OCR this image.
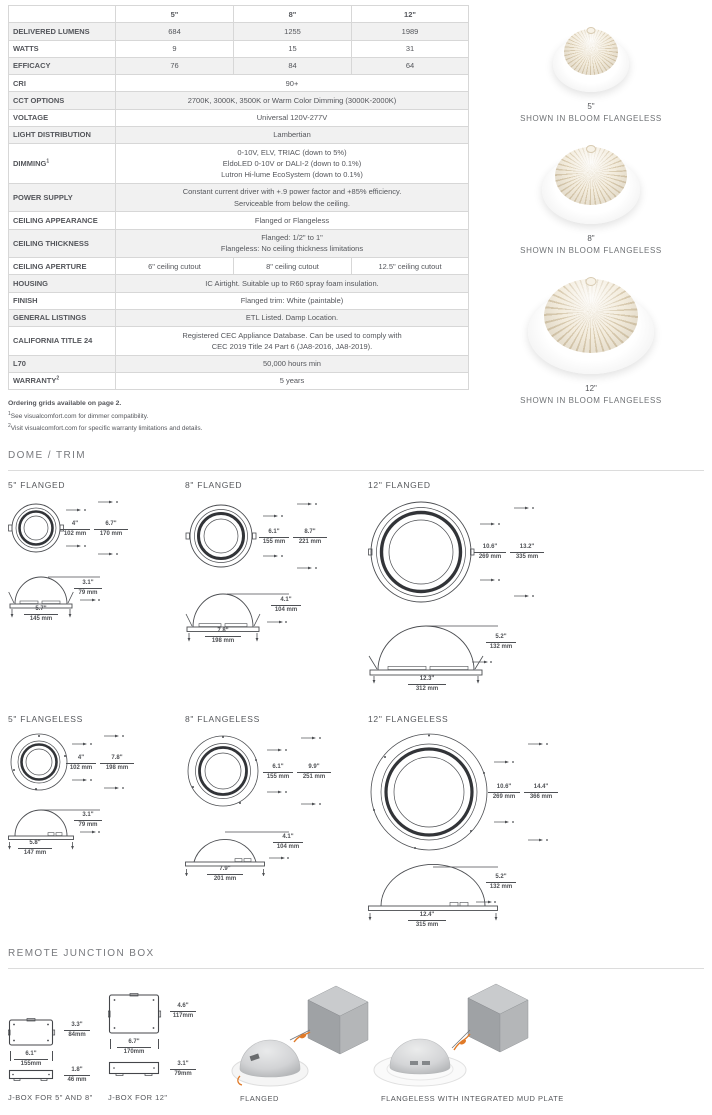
	5"	8"	12"
DELIVERED LUMENS	684	1255	1989
WATTS	9	15	31
EFFICACY	76	84	64
CRI	90+		
CCT OPTIONS	2700K, 3000K, 3500K or Warm Color Dimming (3000K-2000K)		
VOLTAGE	Universal 120V-277V		
LIGHT DISTRIBUTION	Lambertian		
DIMMING$^1$	0-10V, ELV, TRIAC (down to 5%)
EldoLED 0-10V or DALI-2 (down to 0.1%)
Lutron Hi-lume EcoSystem (down to 0.1%)		

POWER SUPPLY	Constant current driver with +.9 power factor and +85% efficiency.
Serviceable from below the ceiling.		

CEILING APPEARANCE	Flanged or Flangeless		
CEILING THICKNESS	Flanged: 1/2" to 1"
Flangeless: No ceiling thickness limitations		

CEILING APERTURE	6" ceiling cutout	8" ceiling cutout	12.5" ceiling cutout
HOUSING	IC Airtight. Suitable up to R60 spray foam insulation.		
FINISH	Flanged trim: White (paintable)		
GENERAL LISTINGS	ETL Listed. Damp Location.		
CALIFORNIA TITLE 24	Registered CEC Appliance Database. Can be used to comply with
CEC 2019 Title 24 Part 6 (JA8-2016, JA8-2019).		

L70	50,000 hours min		
WARRANTY$^2$	5 years		
Ordering grids available on page 2.
$^1$See visualcomfort.com for dimmer compatibility.
$^2$Visit visualcomfort.com for specific warranty limitations and details.
5"
SHOWN IN BLOOM FLANGELESS
8"
SHOWN IN BLOOM FLANGELESS
12"
SHOWN IN BLOOM FLANGELESS
DOME / TRIM
5" FLANGED
4"
102 mm
6.7"
170 mm
3.1"
79 mm
5.7"
145 mm
8" FLANGED
6.1"
155 mm
8.7"
221 mm
4.1"
104 mm
7.8"
198 mm
12" FLANGED
10.6"
269 mm
13.2"
335 mm
5.2"
132 mm
12.3"
312 mm
5" FLANGELESS
4"
102 mm
7.8"
198 mm
3.1"
79 mm
5.8"
147 mm
8" FLANGELESS
6.1"
155 mm
9.9"
251 mm
4.1"
104 mm
7.9"
201 mm
12" FLANGELESS
10.6"
269 mm
14.4"
366 mm
5.2"
132 mm
12.4"
315 mm
REMOTE JUNCTION BOX
3.3"
84mm
6.1"
155mm
1.8"
46 mm
J-BOX FOR 5" AND 8"
4.6"
117mm
6.7"
170mm
3.1"
79mm
J-BOX FOR 12"	FLANGED	FLANGELESS WITH INTEGRATED MUD PLATE
